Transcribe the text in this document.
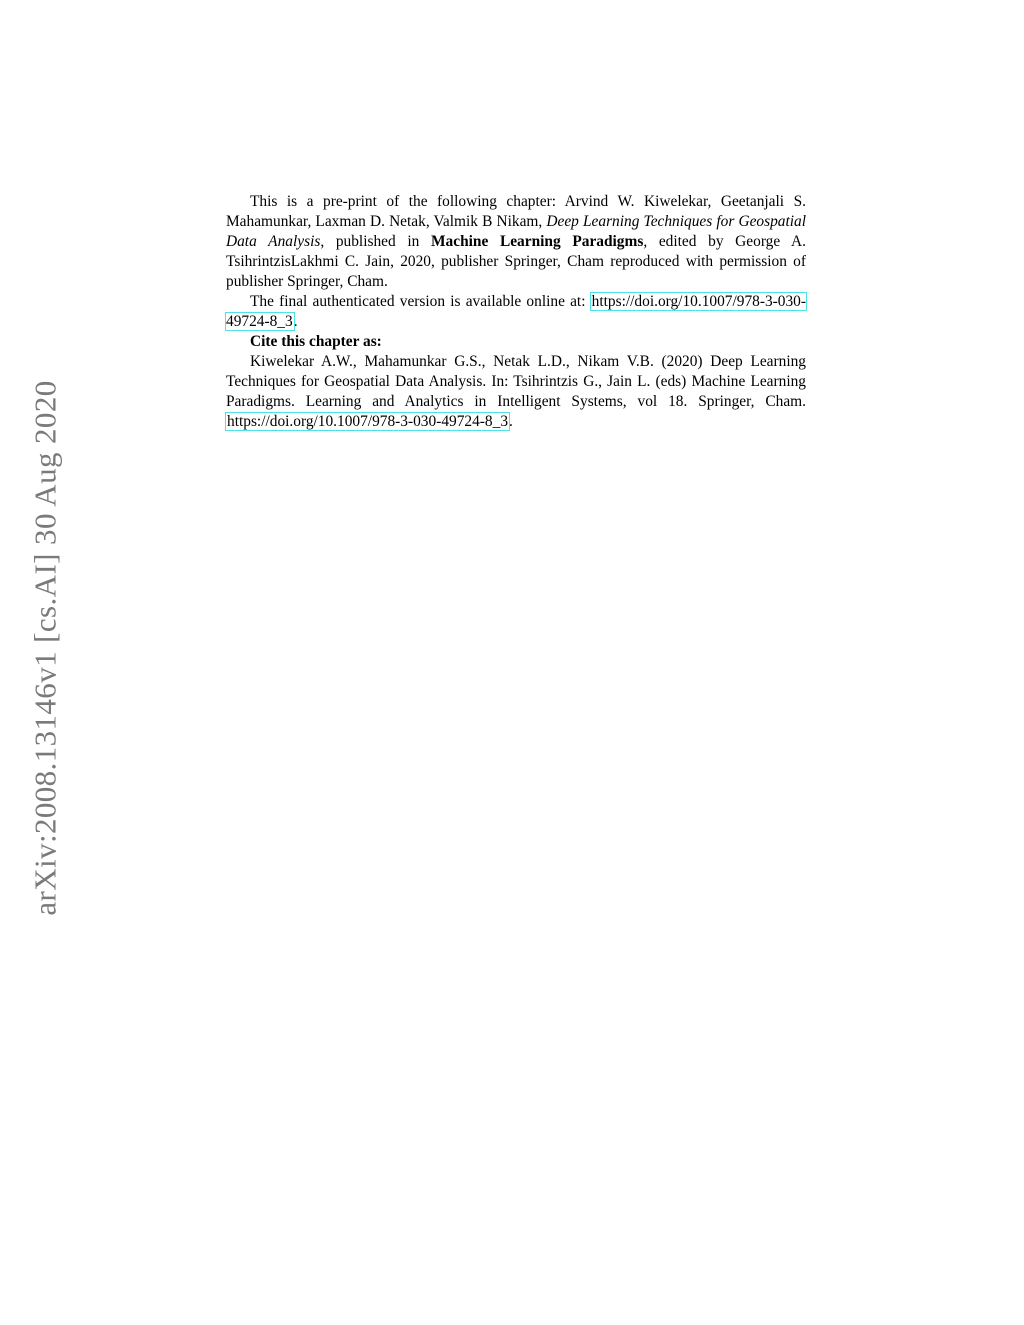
arXiv:2008.13146v1 [cs.AI] 30 Aug 2020

This is a pre-print of the following chapter: Arvind W. Kiwelekar, Geetanjali S. Mahamunkar, Laxman D. Netak, Valmik B Nikam, Deep Learning Techniques for Geospatial Data Analysis, published in Machine Learning Paradigms, edited by George A. TsihrintzisLakhmi C. Jain, 2020, publisher Springer, Cham reproduced with permission of publisher Springer, Cham.

The final authenticated version is available online at: https://doi.org/10.1007/978-3-030-49724-8_3.

Cite this chapter as:

Kiwelekar A.W., Mahamunkar G.S., Netak L.D., Nikam V.B. (2020) Deep Learning Techniques for Geospatial Data Analysis. In: Tsihrintzis G., Jain L. (eds) Machine Learning Paradigms. Learning and Analytics in Intelligent Systems, vol 18. Springer, Cham. https://doi.org/10.1007/978-3-030-49724-8_3.
